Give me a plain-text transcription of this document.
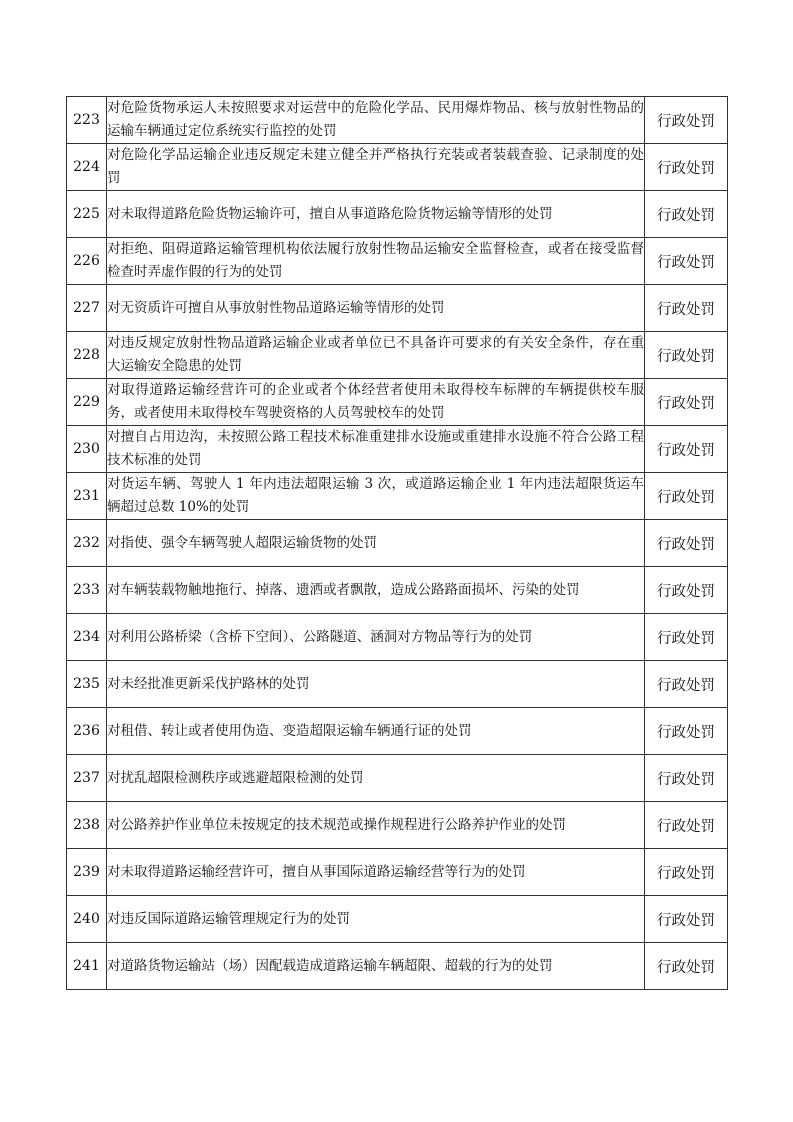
223	对危险货物承运人未按照要求对运营中的危险化学品、民用爆炸物品、核与放射性物品的运输车辆通过定位系统实行监控的处罚	行政处罚
224	对危险化学品运输企业违反规定未建立健全并严格执行充装或者装载查验、记录制度的处罚	行政处罚
225	对未取得道路危险货物运输许可，擅自从事道路危险货物运输等情形的处罚	行政处罚
226	对拒绝、阻碍道路运输管理机构依法履行放射性物品运输安全监督检查，或者在接受监督检查时弄虚作假的行为的处罚	行政处罚
227	对无资质许可擅自从事放射性物品道路运输等情形的处罚	行政处罚
228	对违反规定放射性物品道路运输企业或者单位已不具备许可要求的有关安全条件，存在重大运输安全隐患的处罚	行政处罚
229	对取得道路运输经营许可的企业或者个体经营者使用未取得校车标牌的车辆提供校车服务，或者使用未取得校车驾驶资格的人员驾驶校车的处罚	行政处罚
230	对擅自占用边沟，未按照公路工程技术标准重建排水设施或重建排水设施不符合公路工程技术标准的处罚	行政处罚
231	对货运车辆、驾驶人 1 年内违法超限运输 3 次，或道路运输企业 1 年内违法超限货运车辆超过总数 10%的处罚	行政处罚
232	对指使、强令车辆驾驶人超限运输货物的处罚	行政处罚
233	对车辆装载物触地拖行、掉落、遗洒或者飘散，造成公路路面损坏、污染的处罚	行政处罚
234	对利用公路桥梁（含桥下空间）、公路隧道、涵洞对方物品等行为的处罚	行政处罚
235	对未经批准更新采伐护路林的处罚	行政处罚
236	对租借、转让或者使用伪造、变造超限运输车辆通行证的处罚	行政处罚
237	对扰乱超限检测秩序或逃避超限检测的处罚	行政处罚
238	对公路养护作业单位未按规定的技术规范或操作规程进行公路养护作业的处罚	行政处罚
239	对未取得道路运输经营许可，擅自从事国际道路运输经营等行为的处罚	行政处罚
240	对违反国际道路运输管理规定行为的处罚	行政处罚
241	对道路货物运输站（场）因配载造成道路运输车辆超限、超载的行为的处罚	行政处罚
